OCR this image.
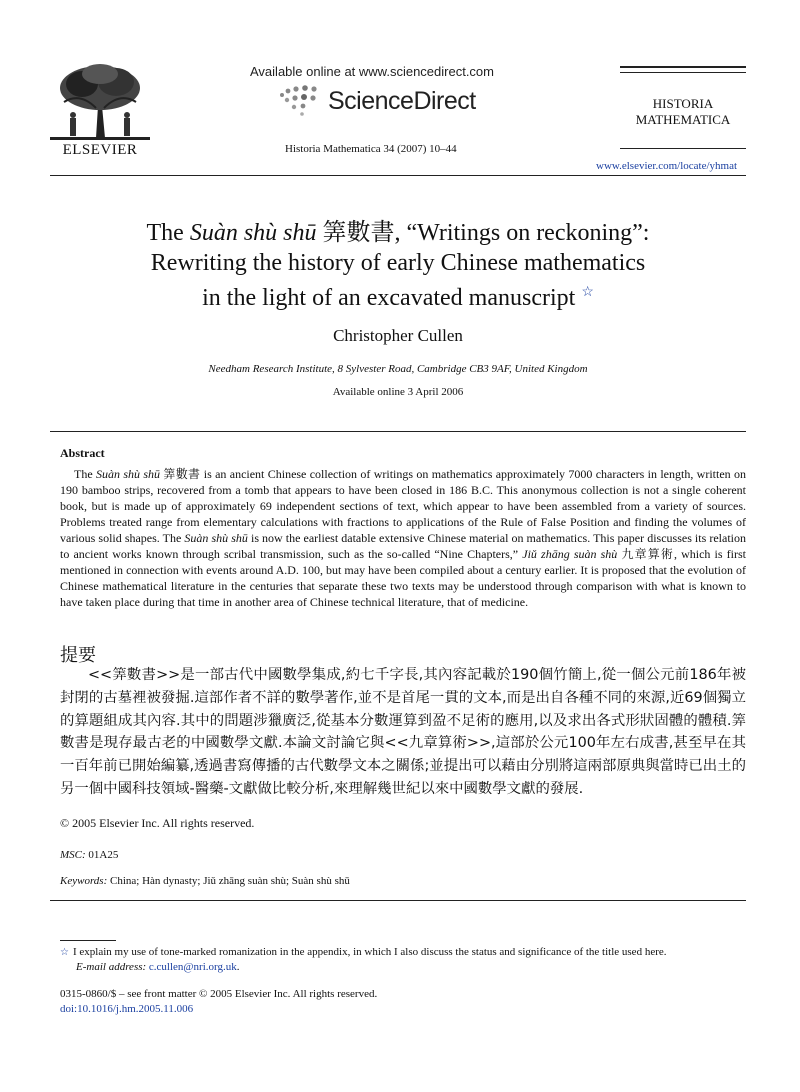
ELSEVIER
Available online at www.sciencedirect.com
ScienceDirect
Historia Mathematica 34 (2007) 10–44
HISTORIA
MATHEMATICA
www.elsevier.com/locate/yhmat
The Suàn shù shū 筭數書, “Writings on reckoning”:
Rewriting the history of early Chinese mathematics
in the light of an excavated manuscript ☆
Christopher Cullen
Needham Research Institute, 8 Sylvester Road, Cambridge CB3 9AF, United Kingdom
Available online 3 April 2006
Abstract
The Suàn shù shū 筭數書 is an ancient Chinese collection of writings on mathematics approximately 7000 characters in length, written on 190 bamboo strips, recovered from a tomb that appears to have been closed in 186 B.C. This anonymous collection is not a single coherent book, but is made up of approximately 69 independent sections of text, which appear to have been assembled from a variety of sources. Problems treated range from elementary calculations with fractions to applications of the Rule of False Position and finding the volumes of various solid shapes. The Suàn shù shū is now the earliest datable extensive Chinese material on mathematics. This paper discusses its relation to ancient works known through scribal transmission, such as the so-called “Nine Chapters,” Jiǔ zhāng suàn shù 九章算術, which is first mentioned in connection with events around A.D. 100, but may have been compiled about a century earlier. It is proposed that the evolution of Chinese mathematical literature in the centuries that separate these two texts may be understood through comparison with what is known to have taken place during that time in another area of Chinese technical literature, that of medicine.
提要
<<筭數書>>是一部古代中國數學集成,約七千字長,其內容記載於190個竹簡上,從一個公元前186年被封閉的古墓裡被發掘.這部作者不詳的數學著作,並不是首尾一貫的文本,而是出自各種不同的來源,近69個獨立的算題組成其內容.其中的問題涉獵廣泛,從基本分數運算到盈不足術的應用,以及求出各式形狀固體的體積.筭數書是現存最古老的中國數學文獻.本論文討論它與<<九章算術>>,這部於公元100年左右成書,甚至早在其一百年前已開始編纂,透過書寫傳播的古代數學文本之關係;並提出可以藉由分別將這兩部原典與當時已出土的另一個中國科技領域-醫藥-文獻做比較分析,來理解幾世紀以來中國數學文獻的發展.
© 2005 Elsevier Inc. All rights reserved.
MSC: 01A25
Keywords: China; Hàn dynasty; Jiǔ zhāng suàn shù; Suàn shù shū
☆ I explain my use of tone-marked romanization in the appendix, in which I also discuss the status and significance of the title used here.
E-mail address: c.cullen@nri.org.uk.
0315-0860/$ – see front matter © 2005 Elsevier Inc. All rights reserved.
doi:10.1016/j.hm.2005.11.006
